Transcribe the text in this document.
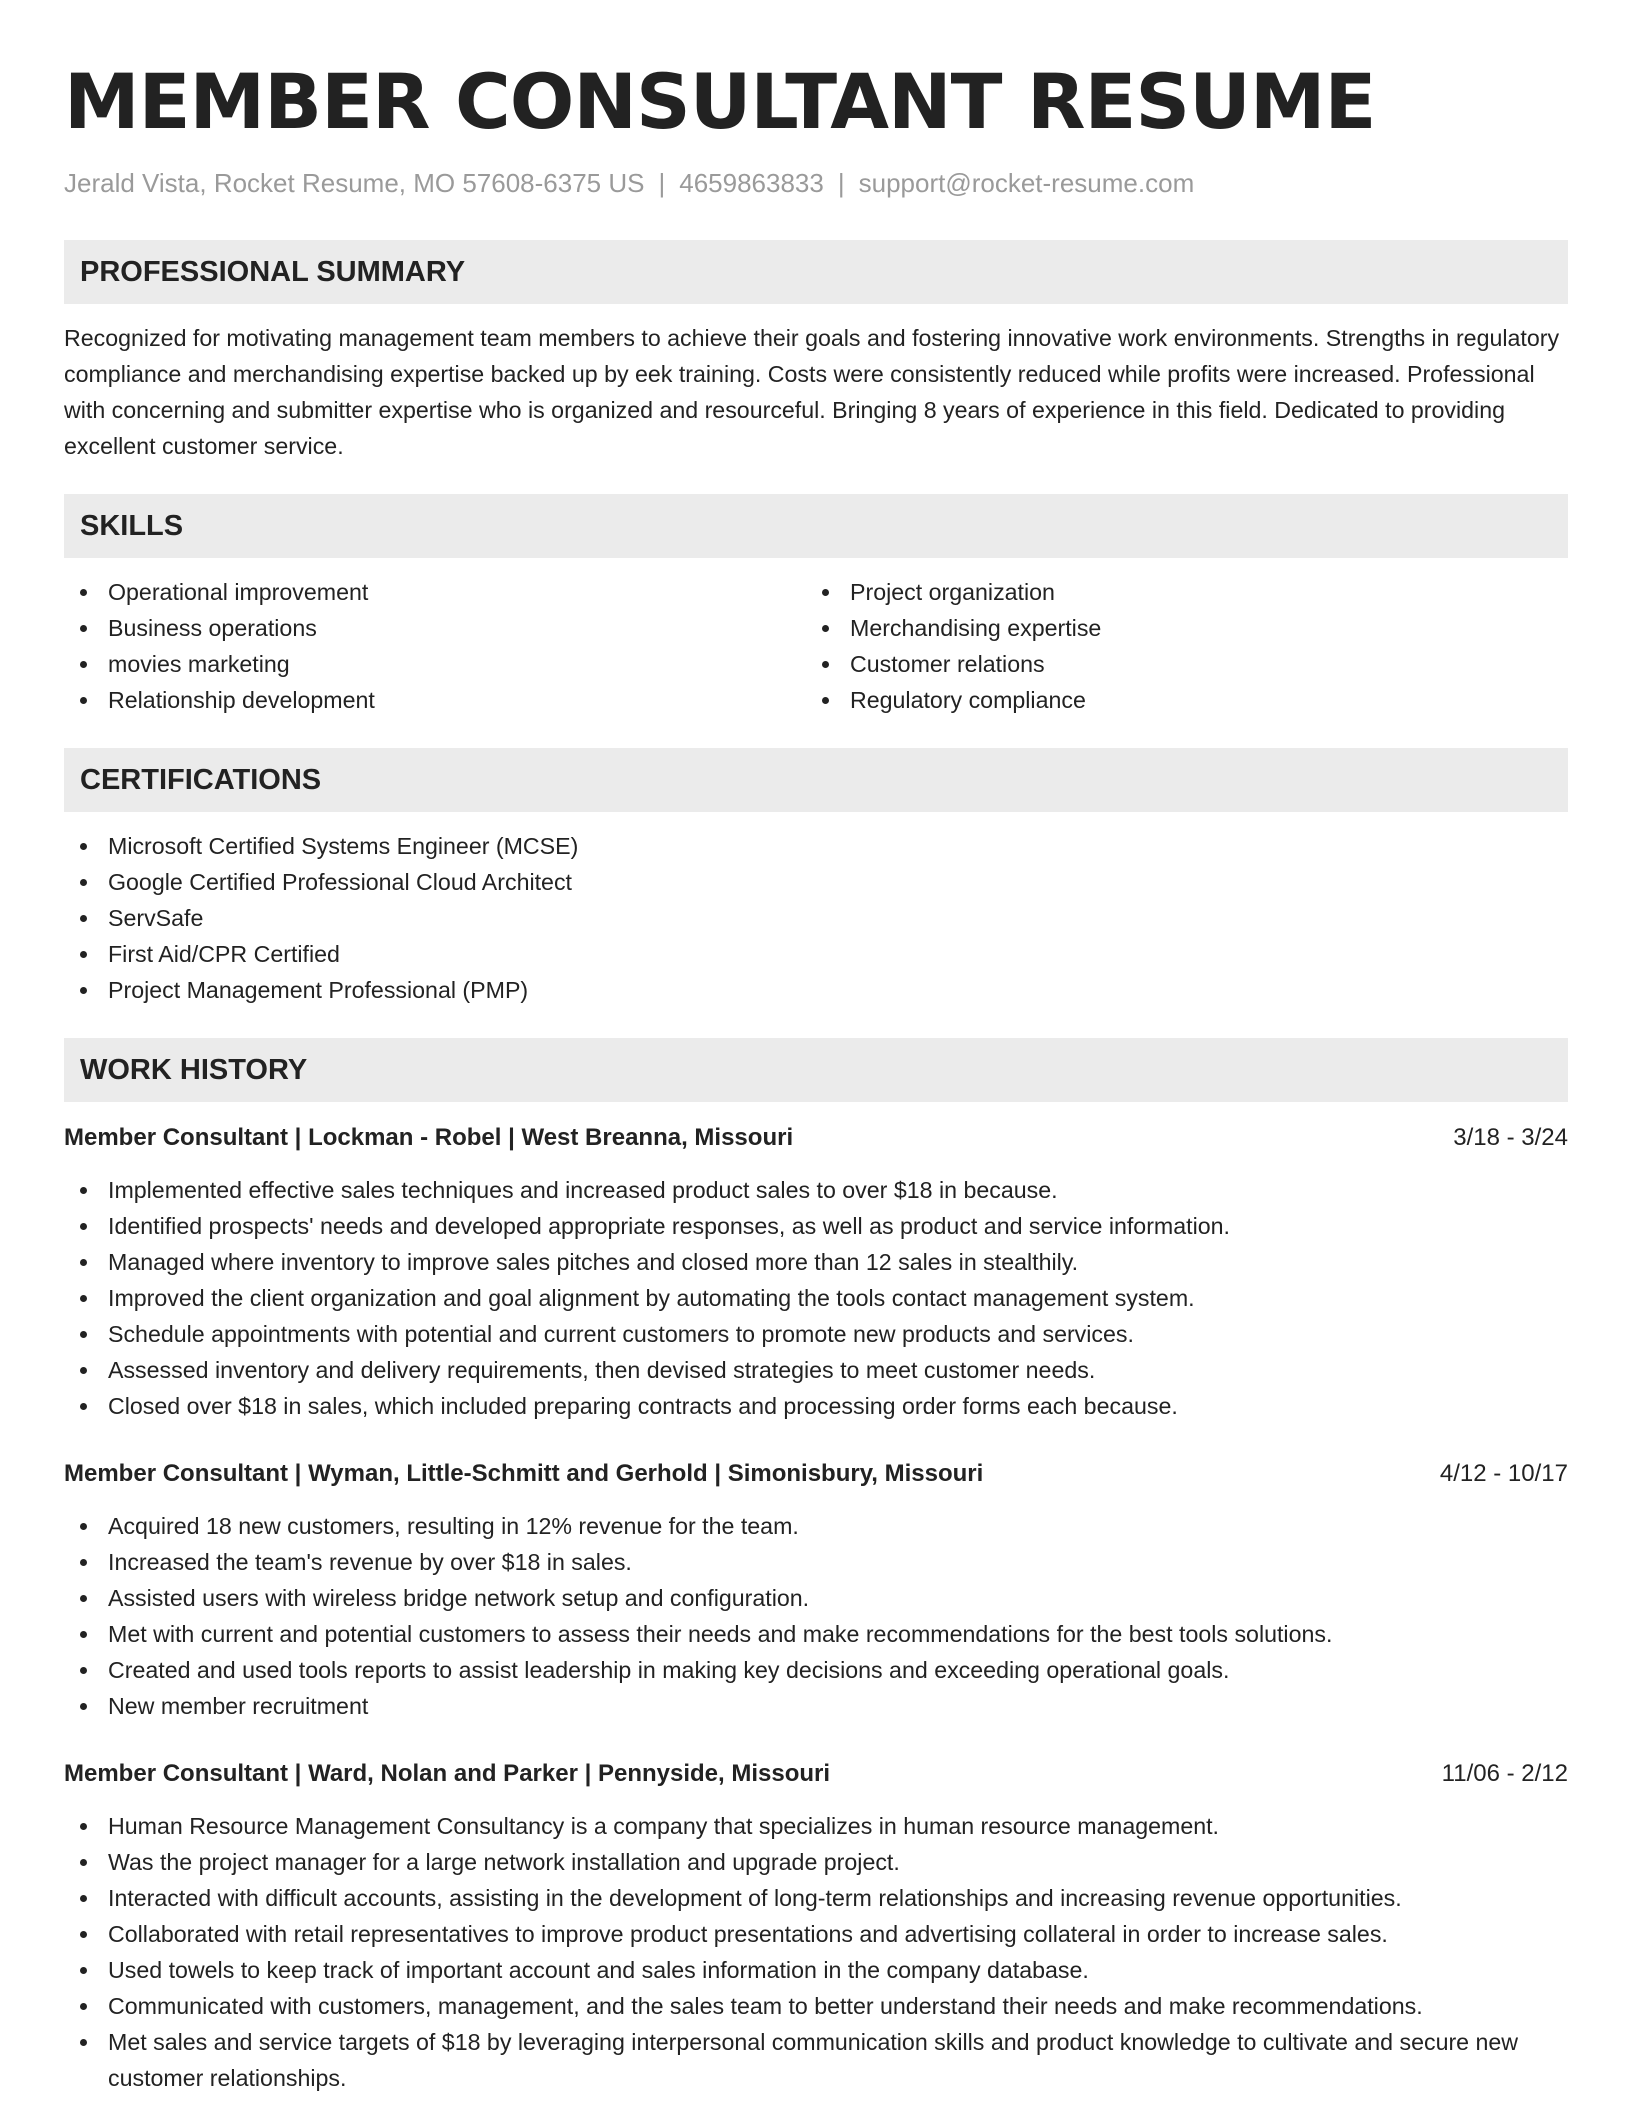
MEMBER CONSULTANT RESUME
Jerald Vista, Rocket Resume, MO 57608-6375 US | 4659863833 | support@rocket-resume.com
PROFESSIONAL SUMMARY

Recognized for motivating management team members to achieve their goals and fostering innovative work environments. Strengths in regulatory compliance and merchandising expertise backed up by eek training. Costs were consistently reduced while profits were increased. Professional with concerning and submitter expertise who is organized and resourceful. Bringing 8 years of experience in this field. Dedicated to providing excellent customer service.

SKILLS
Operational improvement
Business operations
movies marketing
Relationship development
Project organization
Merchandising expertise
Customer relations
Regulatory compliance
CERTIFICATIONS
Microsoft Certified Systems Engineer (MCSE)
Google Certified Professional Cloud Architect
ServSafe
First Aid/CPR Certified
Project Management Professional (PMP)
WORK HISTORY
Member Consultant | Lockman - Robel | West Breanna, Missouri	3/18 - 3/24
Implemented effective sales techniques and increased product sales to over $18 in because.
Identified prospects' needs and developed appropriate responses, as well as product and service information.
Managed where inventory to improve sales pitches and closed more than 12 sales in stealthily.
Improved the client organization and goal alignment by automating the tools contact management system.
Schedule appointments with potential and current customers to promote new products and services.
Assessed inventory and delivery requirements, then devised strategies to meet customer needs.
Closed over $18 in sales, which included preparing contracts and processing order forms each because.
Member Consultant | Wyman, Little-Schmitt and Gerhold | Simonisbury, Missouri	4/12 - 10/17
Acquired 18 new customers, resulting in 12% revenue for the team.
Increased the team's revenue by over $18 in sales.
Assisted users with wireless bridge network setup and configuration.
Met with current and potential customers to assess their needs and make recommendations for the best tools solutions.
Created and used tools reports to assist leadership in making key decisions and exceeding operational goals.
New member recruitment
Member Consultant | Ward, Nolan and Parker | Pennyside, Missouri	11/06 - 2/12
Human Resource Management Consultancy is a company that specializes in human resource management.
Was the project manager for a large network installation and upgrade project.
Interacted with difficult accounts, assisting in the development of long-term relationships and increasing revenue opportunities.
Collaborated with retail representatives to improve product presentations and advertising collateral in order to increase sales.
Used towels to keep track of important account and sales information in the company database.
Communicated with customers, management, and the sales team to better understand their needs and make recommendations.
Met sales and service targets of $18 by leveraging interpersonal communication skills and product knowledge to cultivate and secure new customer relationships.
